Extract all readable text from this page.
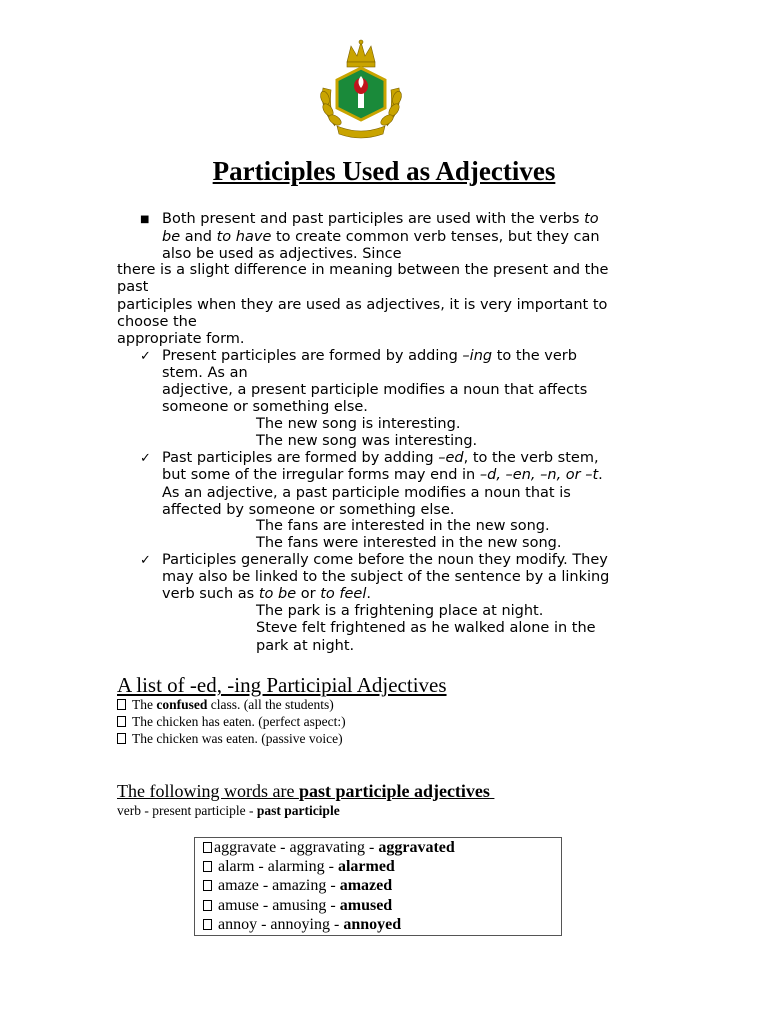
Participles Used as Adjectives
■ Both present and past participles are used with the verbs to
be and to have to create common verb tenses, but they can
also be used as adjectives. Since
there is a slight difference in meaning between the present and the
past
participles when they are used as adjectives, it is very important to
choose the
appropriate form.
✓ Present participles are formed by adding –ing to the verb
stem. As an
adjective, a present participle modifies a noun that affects
someone or something else.
The new song is interesting.
The new song was interesting.
✓ Past participles are formed by adding –ed, to the verb stem,
but some of the irregular forms may end in –d, –en, –n, or –t.
As an adjective, a past participle modifies a noun that is
affected by someone or something else.
The fans are interested in the new song.
The fans were interested in the new song.
✓ Participles generally come before the noun they modify. They
may also be linked to the subject of the sentence by a linking
verb such as to be or to feel.
The park is a frightening place at night.
Steve felt frightened as he walked alone in the
park at night.
A list of -ed, -ing Participial Adjectives
The confused class. (all the students)
The chicken has eaten. (perfect aspect:)
The chicken was eaten. (passive voice)
The following words are past participle adjectives
verb - present participle - past participle
aggravate - aggravating - aggravated
alarm - alarming - alarmed
amaze - amazing - amazed
amuse - amusing - amused
annoy - annoying - annoyed
